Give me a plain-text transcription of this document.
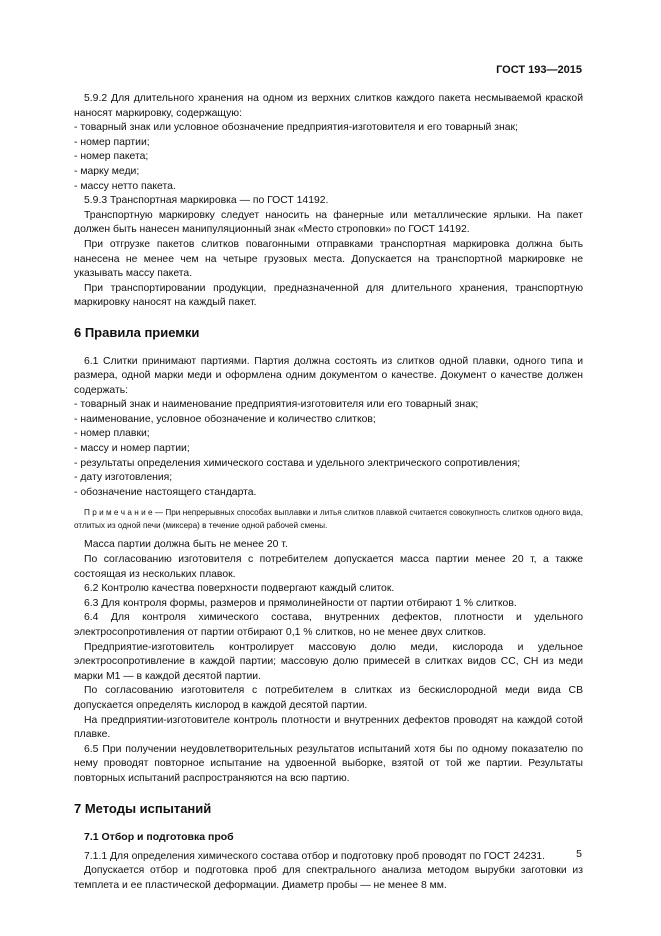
ГОСТ 193—2015

5.9.2 Для длительного хранения на одном из верхних слитков каждого пакета несмываемой краской наносят маркировку, содержащую:

- товарный знак или условное обозначение предприятия-изготовителя и его товарный знак;

- номер партии;

- номер пакета;

- марку меди;

- массу нетто пакета.

5.9.3 Транспортная маркировка — по ГОСТ 14192.

Транспортную маркировку следует наносить на фанерные или металлические ярлыки. На пакет должен быть нанесен манипуляционный знак «Место строповки» по ГОСТ 14192.

При отгрузке пакетов слитков повагонными отправками транспортная маркировка должна быть нанесена не менее чем на четыре грузовых места. Допускается на транспортной маркировке не указывать массу пакета.

При транспортировании продукции, предназначенной для длительного хранения, транспортную маркировку наносят на каждый пакет.

6 Правила приемки

6.1 Слитки принимают партиями. Партия должна состоять из слитков одной плавки, одного типа и размера, одной марки меди и оформлена одним документом о качестве. Документ о качестве должен содержать:

- товарный знак и наименование предприятия-изготовителя или его товарный знак;

- наименование, условное обозначение и количество слитков;

- номер плавки;

- массу и номер партии;

- результаты определения химического состава и удельного электрического сопротивления;

- дату изготовления;

- обозначение настоящего стандарта.

П р и м е ч а н и е — При непрерывных способах выплавки и литья слитков плавкой считается совокупность слитков одного вида, отлитых из одной печи (миксера) в течение одной рабочей смены.

Масса партии должна быть не менее 20 т.

По согласованию изготовителя с потребителем допускается масса партии менее 20 т, а также состоящая из нескольких плавок.

6.2 Контролю качества поверхности подвергают каждый слиток.

6.3 Для контроля формы, размеров и прямолинейности от партии отбирают 1 % слитков.

6.4 Для контроля химического состава, внутренних дефектов, плотности и удельного электросопротивления от партии отбирают 0,1 % слитков, но не менее двух слитков.

Предприятие-изготовитель контролирует массовую долю меди, кислорода и удельное электросопротивление в каждой партии; массовую долю примесей в слитках видов СС, СН из меди марки М1 — в каждой десятой партии.

По согласованию изготовителя с потребителем в слитках из бескислородной меди вида СВ допускается определять кислород в каждой десятой партии.

На предприятии-изготовителе контроль плотности и внутренних дефектов проводят на каждой сотой плавке.

6.5 При получении неудовлетворительных результатов испытаний хотя бы по одному показателю по нему проводят повторное испытание на удвоенной выборке, взятой от той же партии. Результаты повторных испытаний распространяются на всю партию.

7 Методы испытаний
7.1 Отбор и подготовка проб

7.1.1 Для определения химического состава отбор и подготовку проб проводят по ГОСТ 24231.

Допускается отбор и подготовка проб для спектрального анализа методом вырубки заготовки из темплета и ее пластической деформации. Диаметр пробы — не менее 8 мм.

5
